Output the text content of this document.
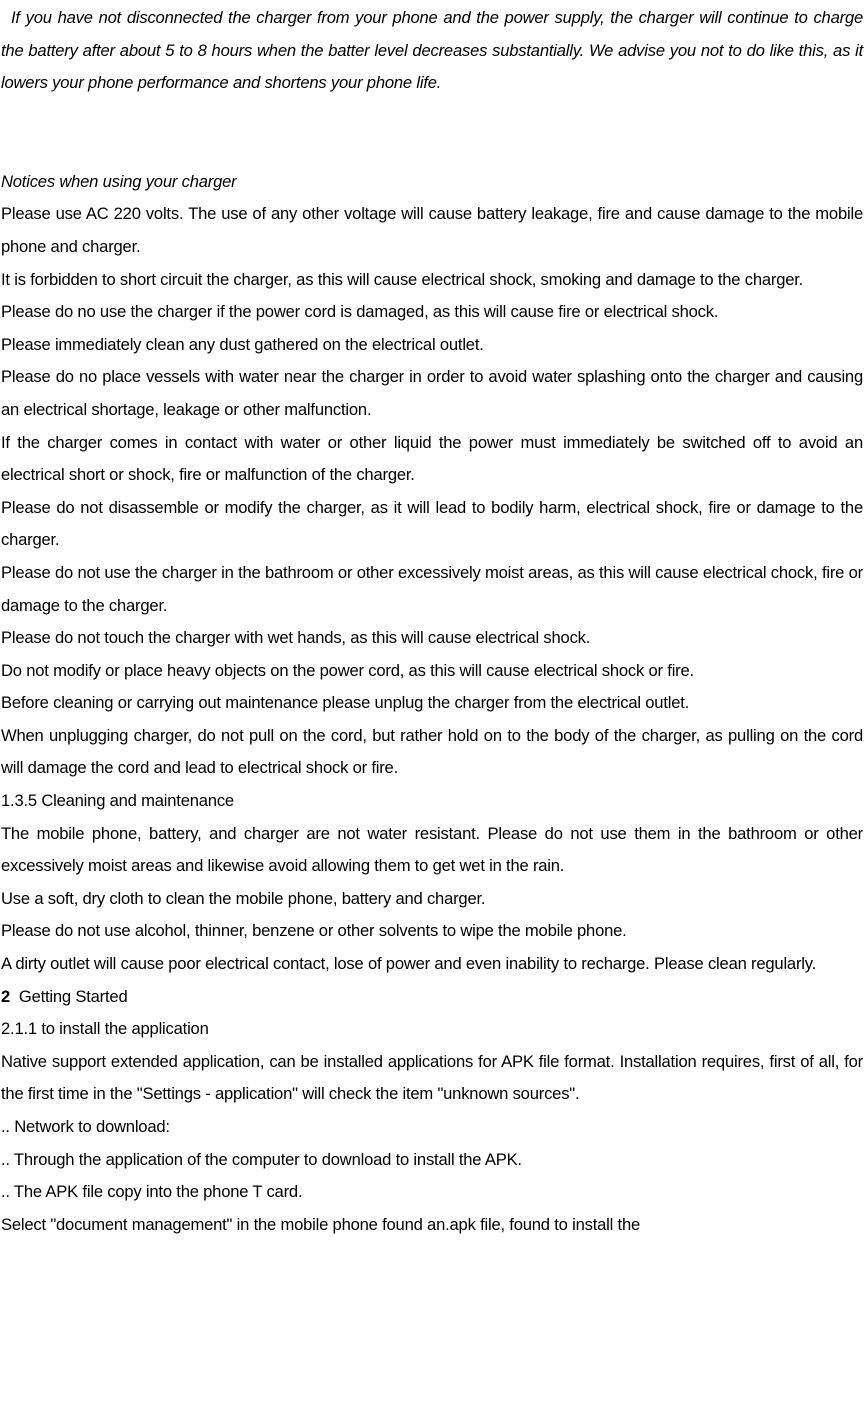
If you have not disconnected the charger from your phone and the power supply, the charger will continue to charge the battery after about 5 to 8 hours when the batter level decreases substantially. We advise you not to do like this, as it lowers your phone performance and shortens your phone life.

Notices when using your charger

Please use AC 220 volts. The use of any other voltage will cause battery leakage, fire and cause damage to the mobile phone and charger.

It is forbidden to short circuit the charger, as this will cause electrical shock, smoking and damage to the charger.

Please do no use the charger if the power cord is damaged, as this will cause fire or electrical shock.

Please immediately clean any dust gathered on the electrical outlet.

Please do no place vessels with water near the charger in order to avoid water splashing onto the charger and causing an electrical shortage, leakage or other malfunction.

If the charger comes in contact with water or other liquid the power must immediately be switched off to avoid an electrical short or shock, fire or malfunction of the charger.

Please do not disassemble or modify the charger, as it will lead to bodily harm, electrical shock, fire or damage to the charger.

Please do not use the charger in the bathroom or other excessively moist areas, as this will cause electrical chock, fire or damage to the charger.

Please do not touch the charger with wet hands, as this will cause electrical shock.

Do not modify or place heavy objects on the power cord, as this will cause electrical shock or fire.

Before cleaning or carrying out maintenance please unplug the charger from the electrical outlet.

When unplugging charger, do not pull on the cord, but rather hold on to the body of the charger, as pulling on the cord will damage the cord and lead to electrical shock or fire.

1.3.5 Cleaning and maintenance

The mobile phone, battery, and charger are not water resistant. Please do not use them in the bathroom or other excessively moist areas and likewise avoid allowing them to get wet in the rain.

Use a soft, dry cloth to clean the mobile phone, battery and charger.

Please do not use alcohol, thinner, benzene or other solvents to wipe the mobile phone.

A dirty outlet will cause poor electrical contact, lose of power and even inability to recharge. Please clean regularly.

2 Getting Started

2.1.1 to install the application

Native support extended application, can be installed applications for APK file format. Installation requires, first of all, for the first time in the "Settings - application" will check the item "unknown sources".

.. Network to download:

.. Through the application of the computer to download to install the APK.

.. The APK file copy into the phone T card.

Select "document management" in the mobile phone found an.apk file, found to install the
